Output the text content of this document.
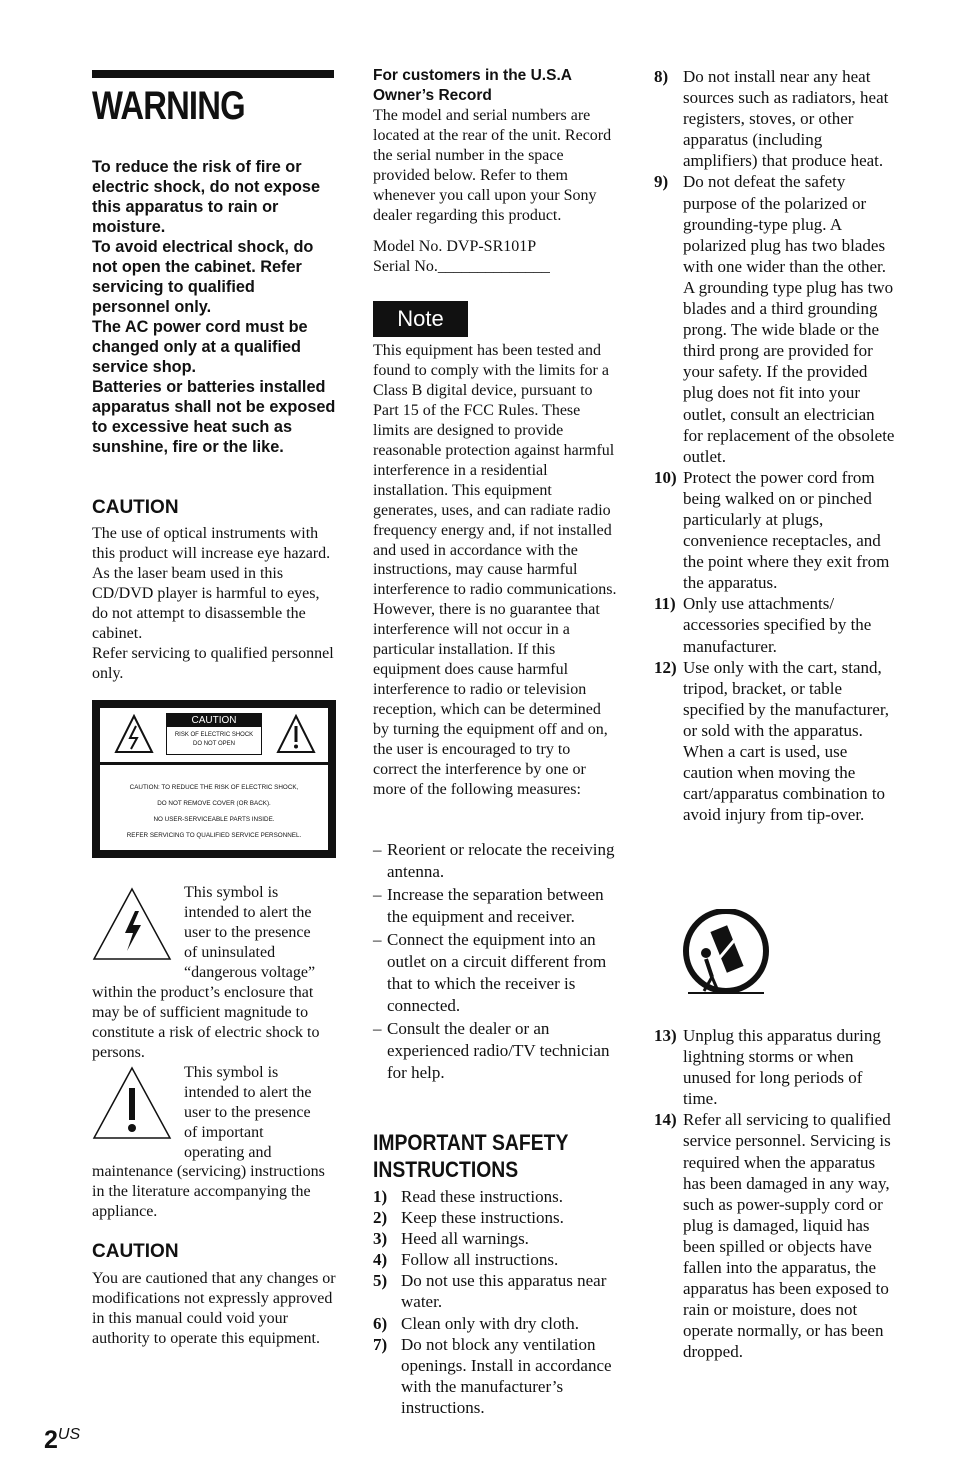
WARNING

To reduce the risk of fire or electric shock, do not expose this apparatus to rain or moisture.

To avoid electrical shock, do not open the cabinet. Refer servicing to qualified personnel only.

The AC power cord must be changed only at a qualified service shop.

Batteries or batteries installed apparatus shall not be exposed to excessive heat such as sunshine, fire or the like.

CAUTION

The use of optical instruments with this product will increase eye hazard. As the laser beam used in this CD/DVD player is harmful to eyes, do not attempt to disassemble the cabinet.

Refer servicing to qualified personnel only.

CAUTION
RISK OF ELECTRIC SHOCK
DO NOT OPEN
CAUTION: TO REDUCE THE RISK OF ELECTRIC SHOCK,
DO NOT REMOVE COVER (OR BACK).
NO USER-SERVICEABLE PARTS INSIDE.
REFER SERVICING TO QUALIFIED SERVICE PERSONNEL.

This symbol is

intended to alert the

user to the presence

of uninsulated

“dangerous voltage”

within the product’s enclosure that may be of sufficient magnitude to constitute a risk of electric shock to persons.

This symbol is

intended to alert the

user to the presence

of important

operating and

maintenance (servicing) instructions in the literature accompanying the appliance.
CAUTION
You are cautioned that any changes or modifications not expressly approved in this manual could void your authority to operate this equipment.

For customers in the U.S.A

Owner’s Record

The model and serial numbers are located at the rear of the unit. Record the serial number in the space provided below. Refer to them whenever you call upon your Sony dealer regarding this product.

Model No. DVP-SR101P

Serial No.______________

Note
This equipment has been tested and found to comply with the limits for a Class B digital device, pursuant to Part 15 of the FCC Rules. These limits are designed to provide reasonable protection against harmful interference in a residential installation. This equipment generates, uses, and can radiate radio frequency energy and, if not installed and used in accordance with the instructions, may cause harmful interference to radio communications. However, there is no guarantee that interference will not occur in a particular installation. If this equipment does cause harmful interference to radio or television reception, which can be determined by turning the equipment off and on, the user is encouraged to try to correct the interference by one or more of the following measures:
– Reorient or relocate the receiving antenna.
– Increase the separation between the equipment and receiver.
– Connect the equipment into an outlet on a circuit different from that to which the receiver is connected.
– Consult the dealer or an experienced radio/TV technician for help.
IMPORTANT SAFETY INSTRUCTIONS
1) Read these instructions.
2) Keep these instructions.
3) Heed all warnings.
4) Follow all instructions.
5) Do not use this apparatus near water.
6) Clean only with dry cloth.
7) Do not block any ventilation openings. Install in accordance with the manufacturer’s instructions.
8) Do not install near any heat sources such as radiators, heat registers, stoves, or other apparatus (including amplifiers) that produce heat.
9) Do not defeat the safety purpose of the polarized or grounding-type plug. A polarized plug has two blades with one wider than the other. A grounding type plug has two blades and a third grounding prong. The wide blade or the third prong are provided for your safety. If the provided plug does not fit into your outlet, consult an electrician for replacement of the obsolete outlet.
10) Protect the power cord from being walked on or pinched particularly at plugs, convenience receptacles, and the point where they exit from the apparatus.
11) Only use attachments/ accessories specified by the manufacturer.
12) Use only with the cart, stand, tripod, bracket, or table specified by the manufacturer, or sold with the apparatus. When a cart is used, use caution when moving the cart/apparatus combination to avoid injury from tip-over.
13) Unplug this apparatus during lightning storms or when unused for long periods of time.
14) Refer all servicing to qualified service personnel. Servicing is required when the apparatus has been damaged in any way, such as power-supply cord or plug is damaged, liquid has been spilled or objects have fallen into the apparatus, the apparatus has been exposed to rain or moisture, does not operate normally, or has been dropped.
$2^{US}$
